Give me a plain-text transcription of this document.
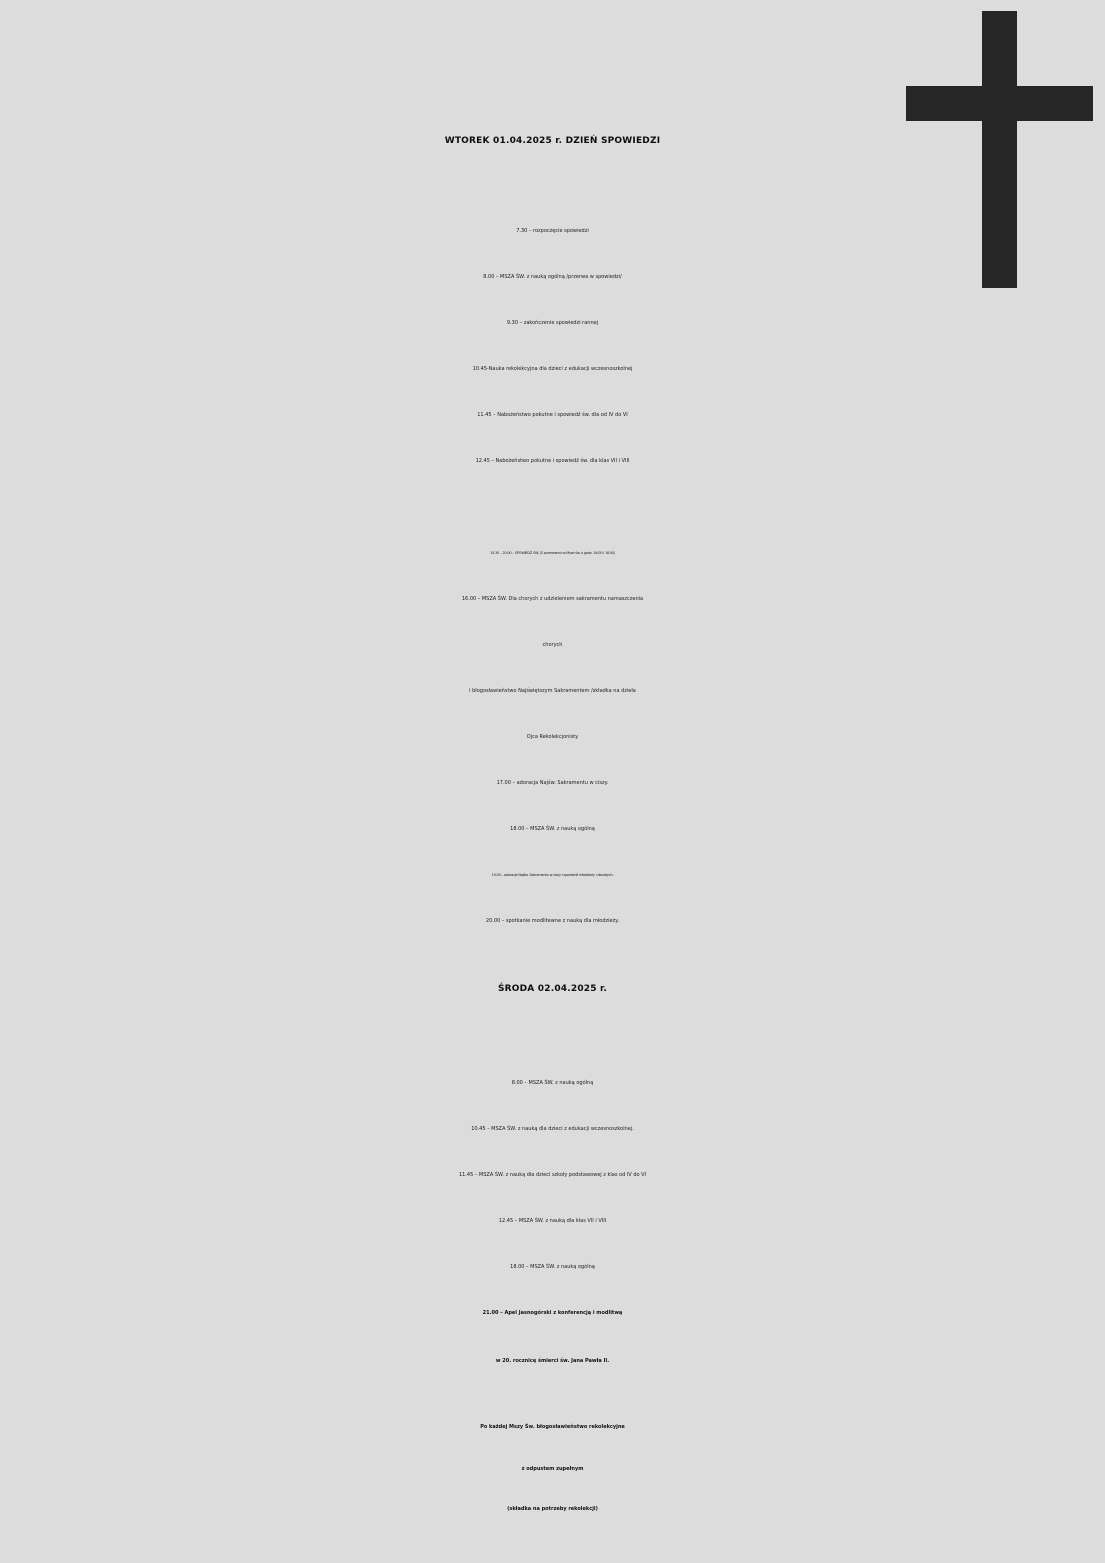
WTOREK 01.04.2025 r. DZIEŃ SPOWIEDZI
7.30 – rozpoczęcie spowiedzi
8.00 – MSZA ŚW. z nauką ogólną /przerwa w spowiedzi/
9.30 – zakończenie spowiedzi rannej
10.45-Nauka rekolekcyjna dla dzieci z edukacji wczesnoszkolnej
11.45 – Nabożeństwo pokutne i spowiedź św. dla od IV do VI
12.45 – Nabożeństwo pokutne i spowiedź św. dla klas VII i VIII
15.30 – 20.00 – SPOWIEDŹ ŚW. /Z przerwami na Msze św. o godz. 16.00 i 18.00/
16.00 – MSZA ŚW. Dla chorych z udzieleniem sakramentu namaszczenia
chorych
i błogosławieństwo Najświętszym Sakramentem /składka na dzieła
Ojca Rekolekcjonisty
17.00 – adoracja Najśw. Sakramentu w ciszy.
18.00 – MSZA ŚW. z nauką ogólną
19.00 – adoracja Najśw. Sakramentu w ciszy i spowiedź młodzieży i dorosłych.
20.00 – spotkanie modlitewne z nauką dla młodzieży.
ŚRODA 02.04.2025 r.
8.00 – MSZA ŚW. z nauką ogólną
10.45 – MSZA ŚW. z nauką dla dzieci z edukacji wczesnoszkolnej.
11.45 – MSZA ŚW. z nauką dla dzieci szkoły podstawowej z klas od IV do VI
12.45 – MSZA ŚW. z nauką dla klas VII i VIII
18.00 – MSZA ŚW. z nauką ogólną
21.00 – Apel Jasnogórski z konferencją i modlitwą
w 20. rocznicę śmierci św. Jana Pawła II.
Po każdej Mszy Św. błogosławieństwo rekolekcyjne
z odpustem zupełnym
(składka na potrzeby rekolekcji)
